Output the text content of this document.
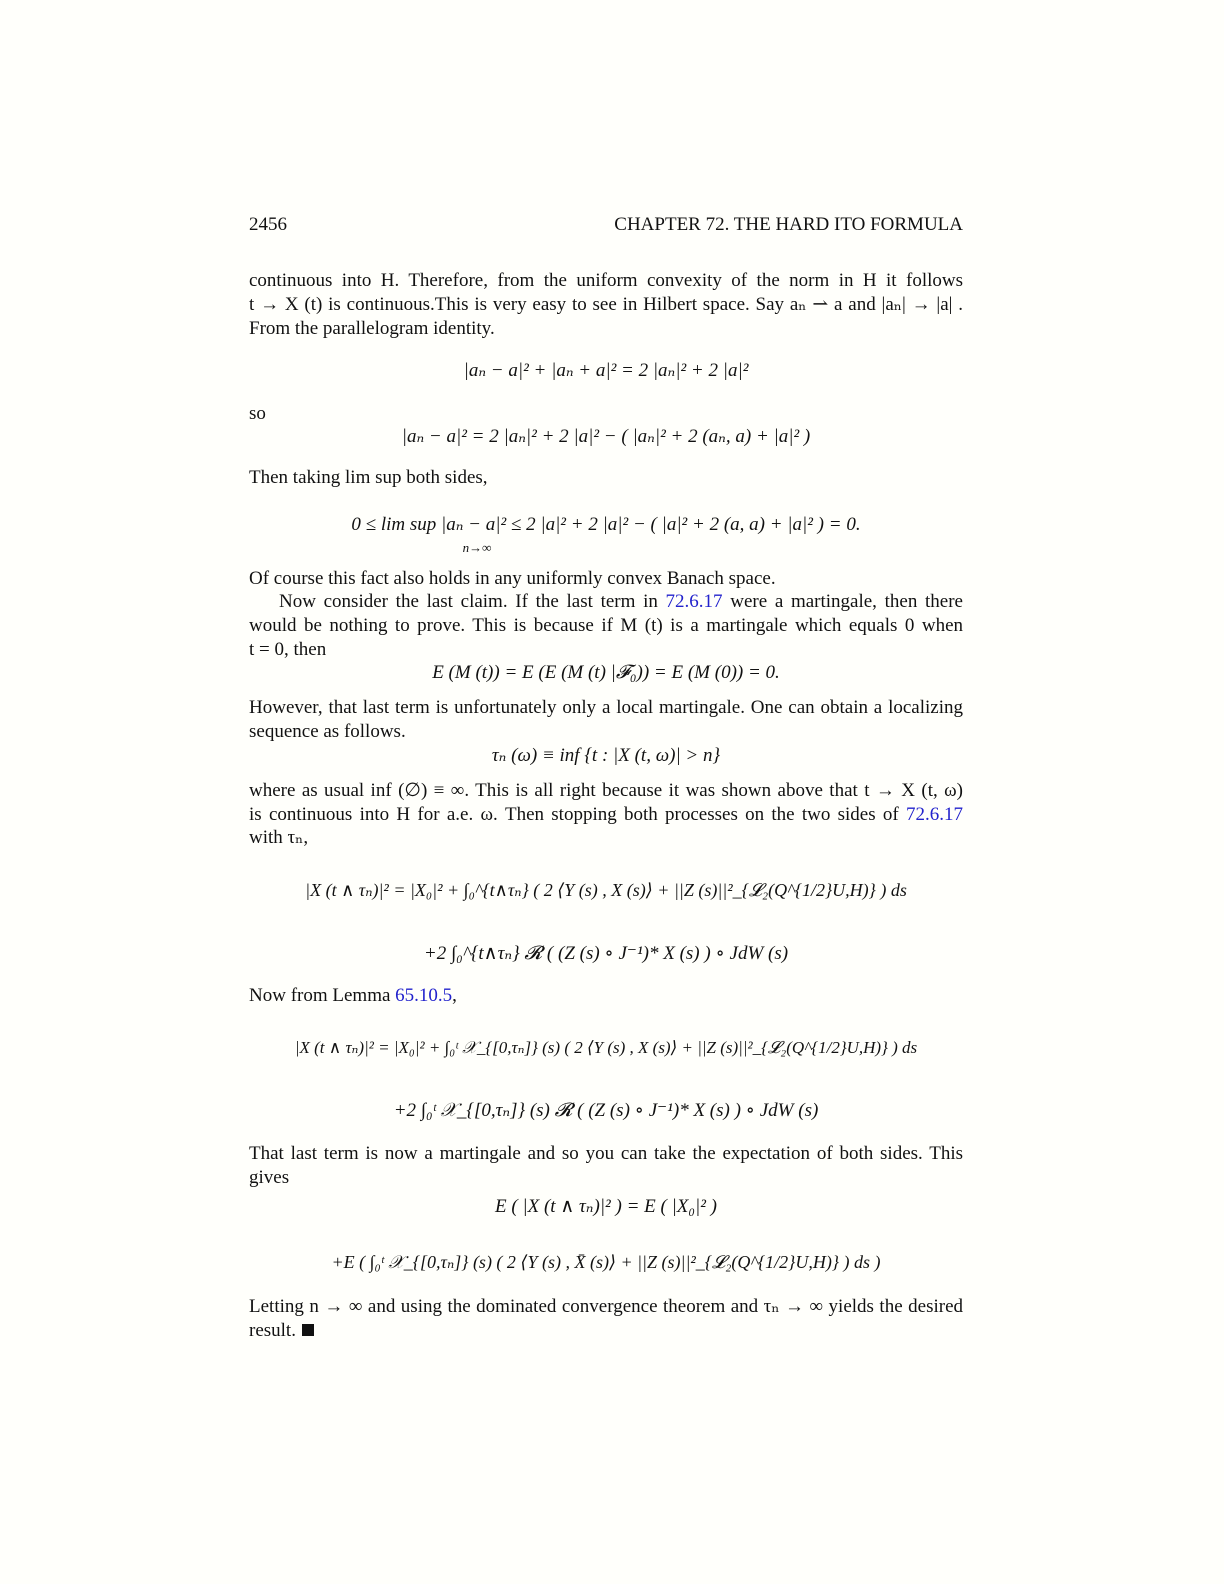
2456	CHAPTER 72. THE HARD ITO FORMULA
continuous into H. Therefore, from the uniform convexity of the norm in H it follows
t → X (t) is continuous.This is very easy to see in Hilbert space. Say aₙ ⇀ a and |aₙ| → |a| .
From the parallelogram identity.
|aₙ − a|² + |aₙ + a|² = 2 |aₙ|² + 2 |a|²
so
|aₙ − a|² = 2 |aₙ|² + 2 |a|² − ( |aₙ|² + 2 (aₙ, a) + |a|² )
Then taking lim sup both sides,
0 ≤ lim sup |aₙ − a|² ≤ 2 |a|² + 2 |a|² − ( |a|² + 2 (a, a) + |a|² ) = 0.
n→∞
Of course this fact also holds in any uniformly convex Banach space.
Now consider the last claim. If the last term in 72.6.17 were a martingale, then there
would be nothing to prove. This is because if M (t) is a martingale which equals 0 when
t = 0, then
E (M (t)) = E (E (M (t) |𝓕₀)) = E (M (0)) = 0.
However, that last term is unfortunately only a local martingale. One can obtain a localizing
sequence as follows.
τₙ (ω) ≡ inf {t : |X (t, ω)| > n}
where as usual inf (∅) ≡ ∞. This is all right because it was shown above that t → X (t, ω)
is continuous into H for a.e. ω. Then stopping both processes on the two sides of 72.6.17
with τₙ,
|X (t ∧ τₙ)|² = |X₀|² + ∫₀^{t∧τₙ} ( 2 ⟨Y (s) , X (s)⟩ + ||Z (s)||²_{𝓛₂(Q^{1/2}U,H)} ) ds
+2 ∫₀^{t∧τₙ} 𝓡 ( (Z (s) ∘ J⁻¹)* X (s) ) ∘ JdW (s)
Now from Lemma 65.10.5,
|X (t ∧ τₙ)|² = |X₀|² + ∫₀ᵗ 𝒳_{[0,τₙ]} (s) ( 2 ⟨Y (s) , X (s)⟩ + ||Z (s)||²_{𝓛₂(Q^{1/2}U,H)} ) ds
+2 ∫₀ᵗ 𝒳_{[0,τₙ]} (s) 𝓡 ( (Z (s) ∘ J⁻¹)* X (s) ) ∘ JdW (s)
That last term is now a martingale and so you can take the expectation of both sides. This
gives
E ( |X (t ∧ τₙ)|² ) = E ( |X₀|² )
+E ( ∫₀ᵗ 𝒳_{[0,τₙ]} (s) ( 2 ⟨Y (s) , X̄ (s)⟩ + ||Z (s)||²_{𝓛₂(Q^{1/2}U,H)} ) ds )
Letting n → ∞ and using the dominated convergence theorem and τₙ → ∞ yields the desired
result.
